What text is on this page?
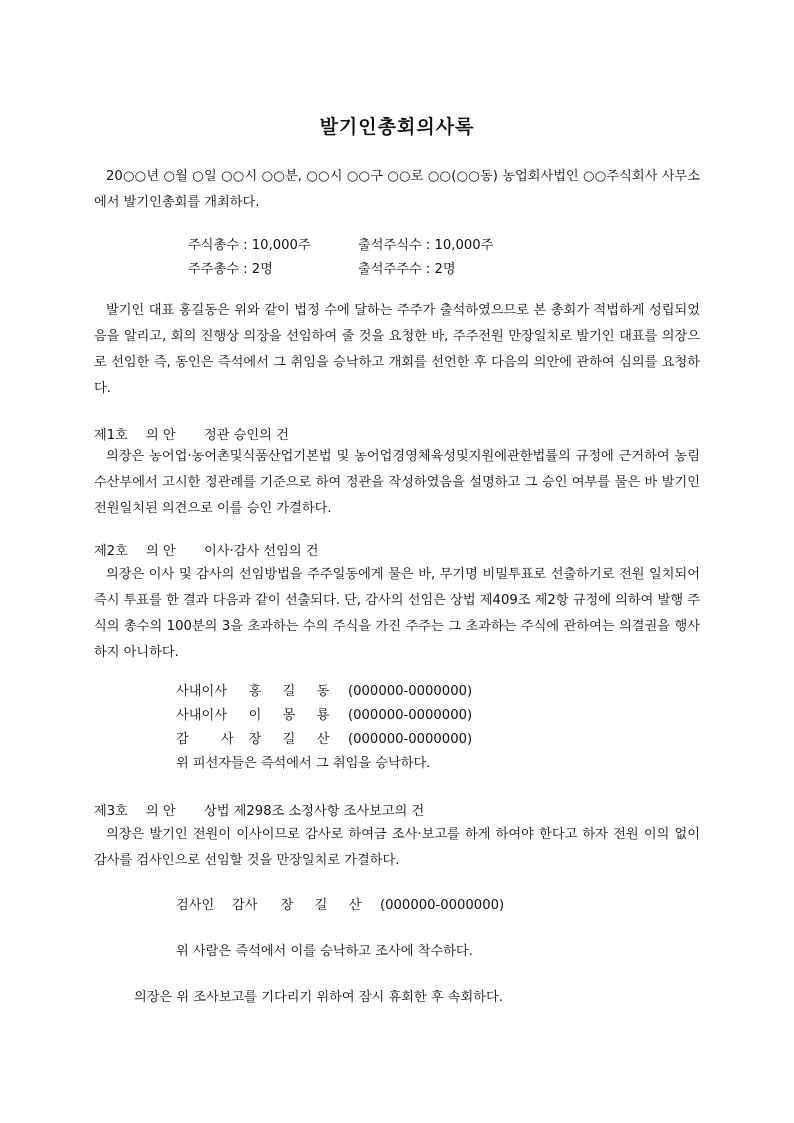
발기인총회의사록
20○○년 ○월 ○일 ○○시 ○○분, ○○시 ○○구 ○○로 ○○(○○동) 농업회사법인 ○○주식회사 사무소에서 발기인총회를 개최하다.
주식총수 : 10,000주	출석주식수 : 10,000주
주주총수 : 2명	출석주주수 : 2명
발기인 대표 홍길동은 위와 같이 법정 수에 달하는 주주가 출석하였으므로 본 총회가 적법하게 성립되었음을 알리고, 회의 진행상 의장을 선임하여 줄 것을 요청한 바, 주주전원 만장일치로 발기인 대표를 의장으로 선임한 즉, 동인은 즉석에서 그 취임을 승낙하고 개회를 선언한 후 다음의 의안에 관하여 심의를 요청하다.
제1호 의 안 정관 승인의 건
의장은 농어업·농어촌및식품산업기본법 및 농어업경영체육성및지원에관한법률의 규정에 근거하여 농림수산부에서 고시한 정관례를 기준으로 하여 정관을 작성하였음을 설명하고 그 승인 여부를 물은 바 발기인 전원일치된 의견으로 이를 승인 가결하다.
제2호 의 안 이사·감사 선임의 건
의장은 이사 및 감사의 선임방법을 주주일동에게 물은 바, 무기명 비밀투표로 선출하기로 전원 일치되어 즉시 투표를 한 결과 다음과 같이 선출되다. 단, 감사의 선임은 상법 제409조 제2항 규정에 의하여 발행 주식의 총수의 100분의 3을 초과하는 수의 주식을 가진 주주는 그 초과하는 주식에 관하여는 의결권을 행사하지 아니하다.
사내이사 홍 길 동 (000000-0000000)
사내이사 이 몽 룡 (000000-0000000)
감 사장 길 산 (000000-0000000)
위 피선자들은 즉석에서 그 취임을 승낙하다.
제3호 의 안 상법 제298조 소정사항 조사보고의 건
의장은 발기인 전원이 이사이므로 감사로 하여금 조사·보고를 하게 하여야 한다고 하자 전원 이의 없이 감사를 검사인으로 선임할 것을 만장일치로 가결하다.
검사인 감사 장 길 산 (000000-0000000)
위 사람은 즉석에서 이를 승낙하고 조사에 착수하다.
의장은 위 조사보고를 기다리기 위하여 잠시 휴회한 후 속회하다.
